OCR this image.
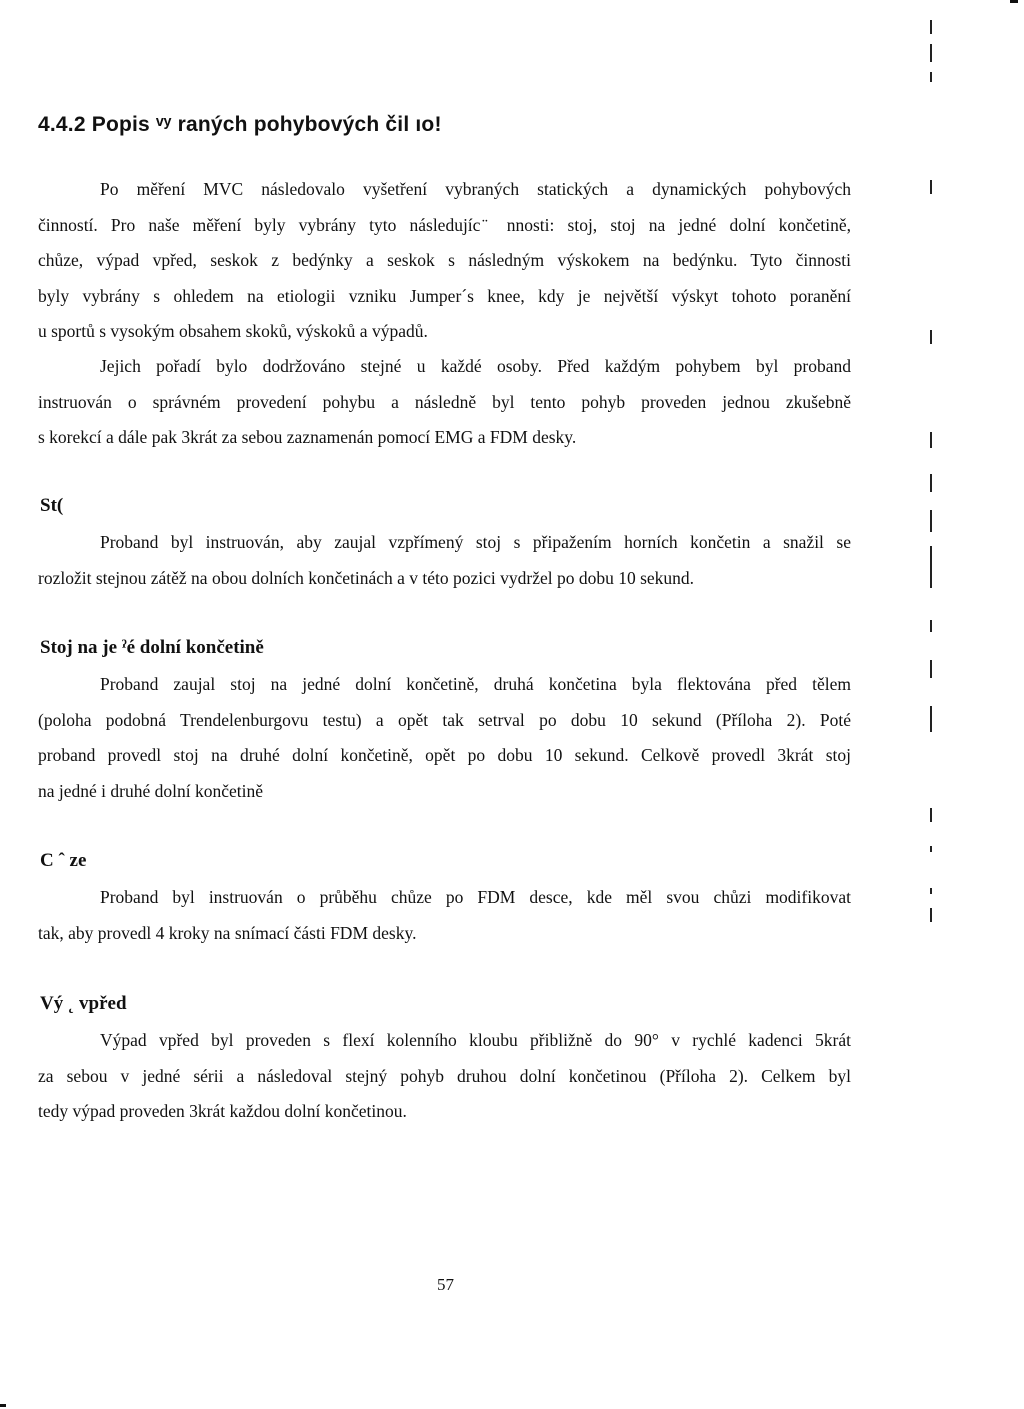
4.4.2 Popis ᵛʸ raných pohybových čil ıo!
Po měření MVC následovalo vyšetření vybraných statických a dynamických pohybových
činností. Pro naše měření byly vybrány tyto následujíc ̈ nnosti: stoj, stoj na jedné dolní končetině,
chůze, výpad vpřed, seskok z bedýnky a seskok s následným výskokem na bedýnku. Tyto činnosti
byly vybrány s ohledem na etiologii vzniku Jumper´s knee, kdy je největší výskyt tohoto poranění
u sportů s vysokým obsahem skoků, výskoků a výpadů.
Jejich pořadí bylo dodržováno stejné u každé osoby. Před každým pohybem byl proband
instruován o správném provedení pohybu a následně byl tento pohyb proveden jednou zkušebně
s korekcí a dále pak 3krát za sebou zaznamenán pomocí EMG a FDM desky.
St(
Proband byl instruován, aby zaujal vzpřímený stoj s připažením horních končetin a snažil se
rozložit stejnou zátěž na obou dolních končetinách a v této pozici vydržel po dobu 10 sekund.
Stoj na je ˀé dolní končetině
Proband zaujal stoj na jedné dolní končetině, druhá končetina byla flektována před tělem
(poloha podobná Trendelenburgovu testu) a opět tak setrval po dobu 10 sekund (Příloha 2). Poté
proband provedl stoj na druhé dolní končetině, opět po dobu 10 sekund. Celkově provedl 3krát stoj
na jedné i druhé dolní končetině
C ˆ ze
Proband byl instruován o průběhu chůze po FDM desce, kde měl svou chůzi modifikovat
tak, aby provedl 4 kroky na snímací části FDM desky.
Vý ˛ vpřed
Výpad vpřed byl proveden s flexí kolenního kloubu přibližně do 90° v rychlé kadenci 5krát
za sebou v jedné sérii a následoval stejný pohyb druhou dolní končetinou (Příloha 2). Celkem byl
tedy výpad proveden 3krát každou dolní končetinou.
57
